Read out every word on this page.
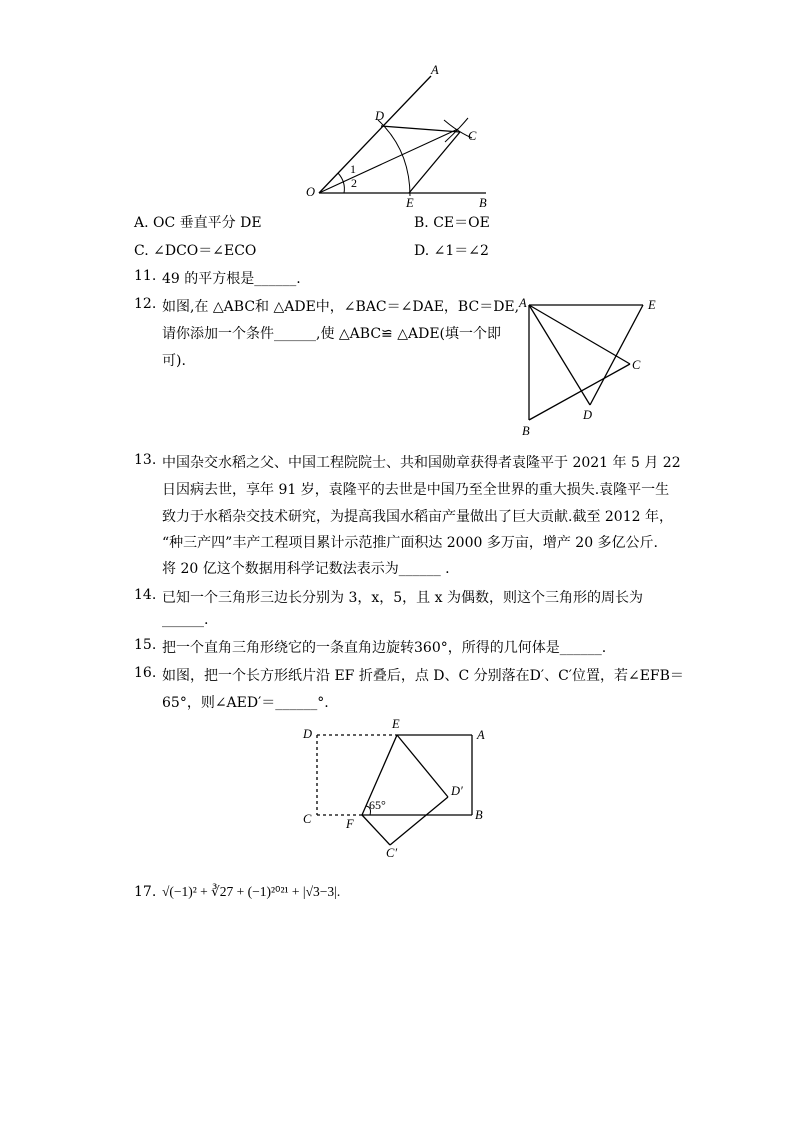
A
D
C
O
1
2
E	B
A. OC 垂直平分 DE	B. CE＝OE
C. ∠DCO＝∠ECO	D. ∠1＝∠2
11. 49 的平方根是______.
12. 如图,在 △ABC和 △ADE中，∠BAC＝∠DAE，BC＝DE,
请你添加一个条件______,使 △ABC≌ △ADE(填一个即
可).
A	E
C
D
B
13. 中国杂交水稻之父、中国工程院院士、共和国勋章获得者袁隆平于 2021 年 5 月 22
日因病去世，享年 91 岁，袁隆平的去世是中国乃至全世界的重大损失.袁隆平一生
致力于水稻杂交技术研究，为提高我国水稻亩产量做出了巨大贡献.截至 2012 年，
“种三产四”丰产工程项目累计示范推广面积达 2000 多万亩，增产 20 多亿公斤.
将 20 亿这个数据用科学记数法表示为______ .
14. 已知一个三角形三边长分别为 3，x，5，且 x 为偶数，则这个三角形的周长为
______.
15. 把一个直角三角形绕它的一条直角边旋转360°，所得的几何体是______.
16. 如图，把一个长方形纸片沿 EF 折叠后，点 D、C 分别落在D′、C′位置，若∠EFB＝
65°，则∠AED′＝______°.
D
E
A
D′
65°
C	F
B
C′
17. √(−1)² + ∛27 + (−1)²⁰²¹ + |√3−3|.
